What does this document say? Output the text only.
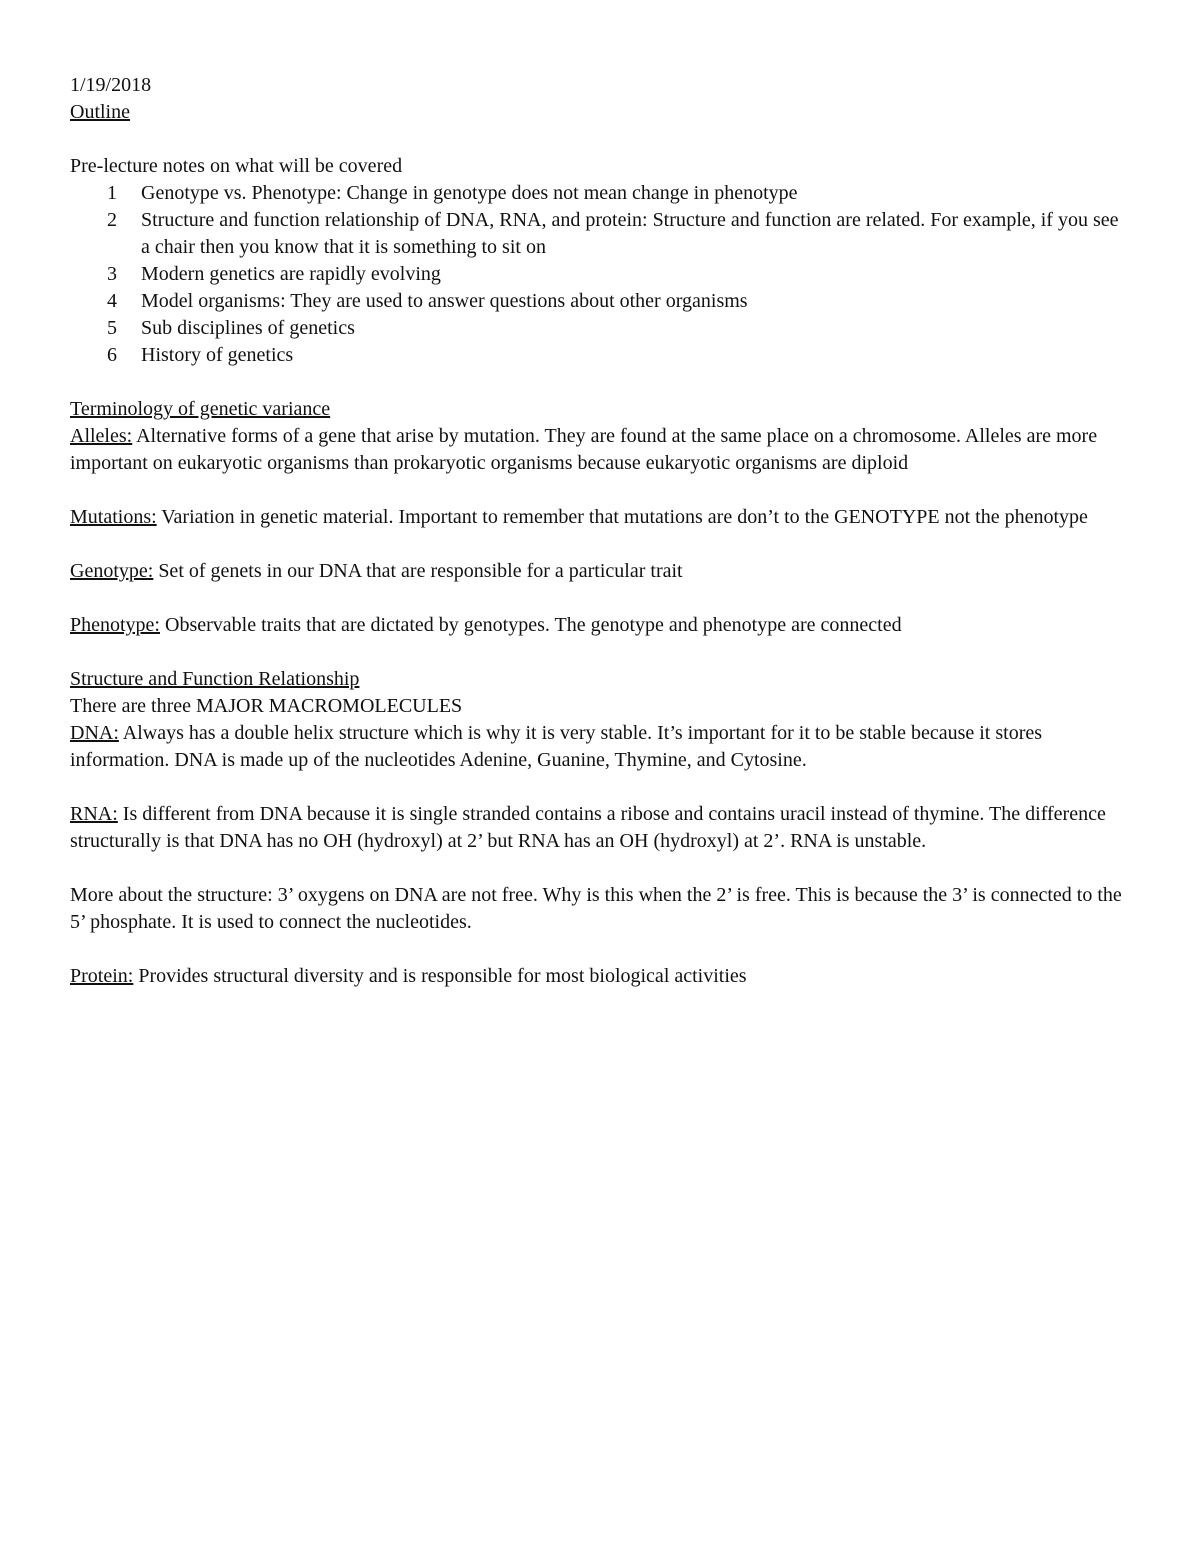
1/19/2018

Outline

Pre-lecture notes on what will be covered

1 Genotype vs. Phenotype: Change in genotype does not mean change in phenotype
2 Structure and function relationship of DNA, RNA, and protein: Structure and function are related. For example, if you see a chair then you know that it is something to sit on
3 Modern genetics are rapidly evolving
4 Model organisms: They are used to answer questions about other organisms
5 Sub disciplines of genetics
6 History of genetics

Terminology of genetic variance

Alleles: Alternative forms of a gene that arise by mutation. They are found at the same place on a chromosome. Alleles are more important on eukaryotic organisms than prokaryotic organisms because eukaryotic organisms are diploid

Mutations: Variation in genetic material. Important to remember that mutations are don’t to the GENOTYPE not the phenotype

Genotype: Set of genets in our DNA that are responsible for a particular trait

Phenotype: Observable traits that are dictated by genotypes. The genotype and phenotype are connected

Structure and Function Relationship

There are three MAJOR MACROMOLECULES

DNA: Always has a double helix structure which is why it is very stable. It’s important for it to be stable because it stores information. DNA is made up of the nucleotides Adenine, Guanine, Thymine, and Cytosine.

RNA: Is different from DNA because it is single stranded contains a ribose and contains uracil instead of thymine. The difference structurally is that DNA has no OH (hydroxyl) at 2’ but RNA has an OH (hydroxyl) at 2’. RNA is unstable.

More about the structure: 3’ oxygens on DNA are not free. Why is this when the 2’ is free. This is because the 3’ is connected to the 5’ phosphate. It is used to connect the nucleotides.

Protein: Provides structural diversity and is responsible for most biological activities
